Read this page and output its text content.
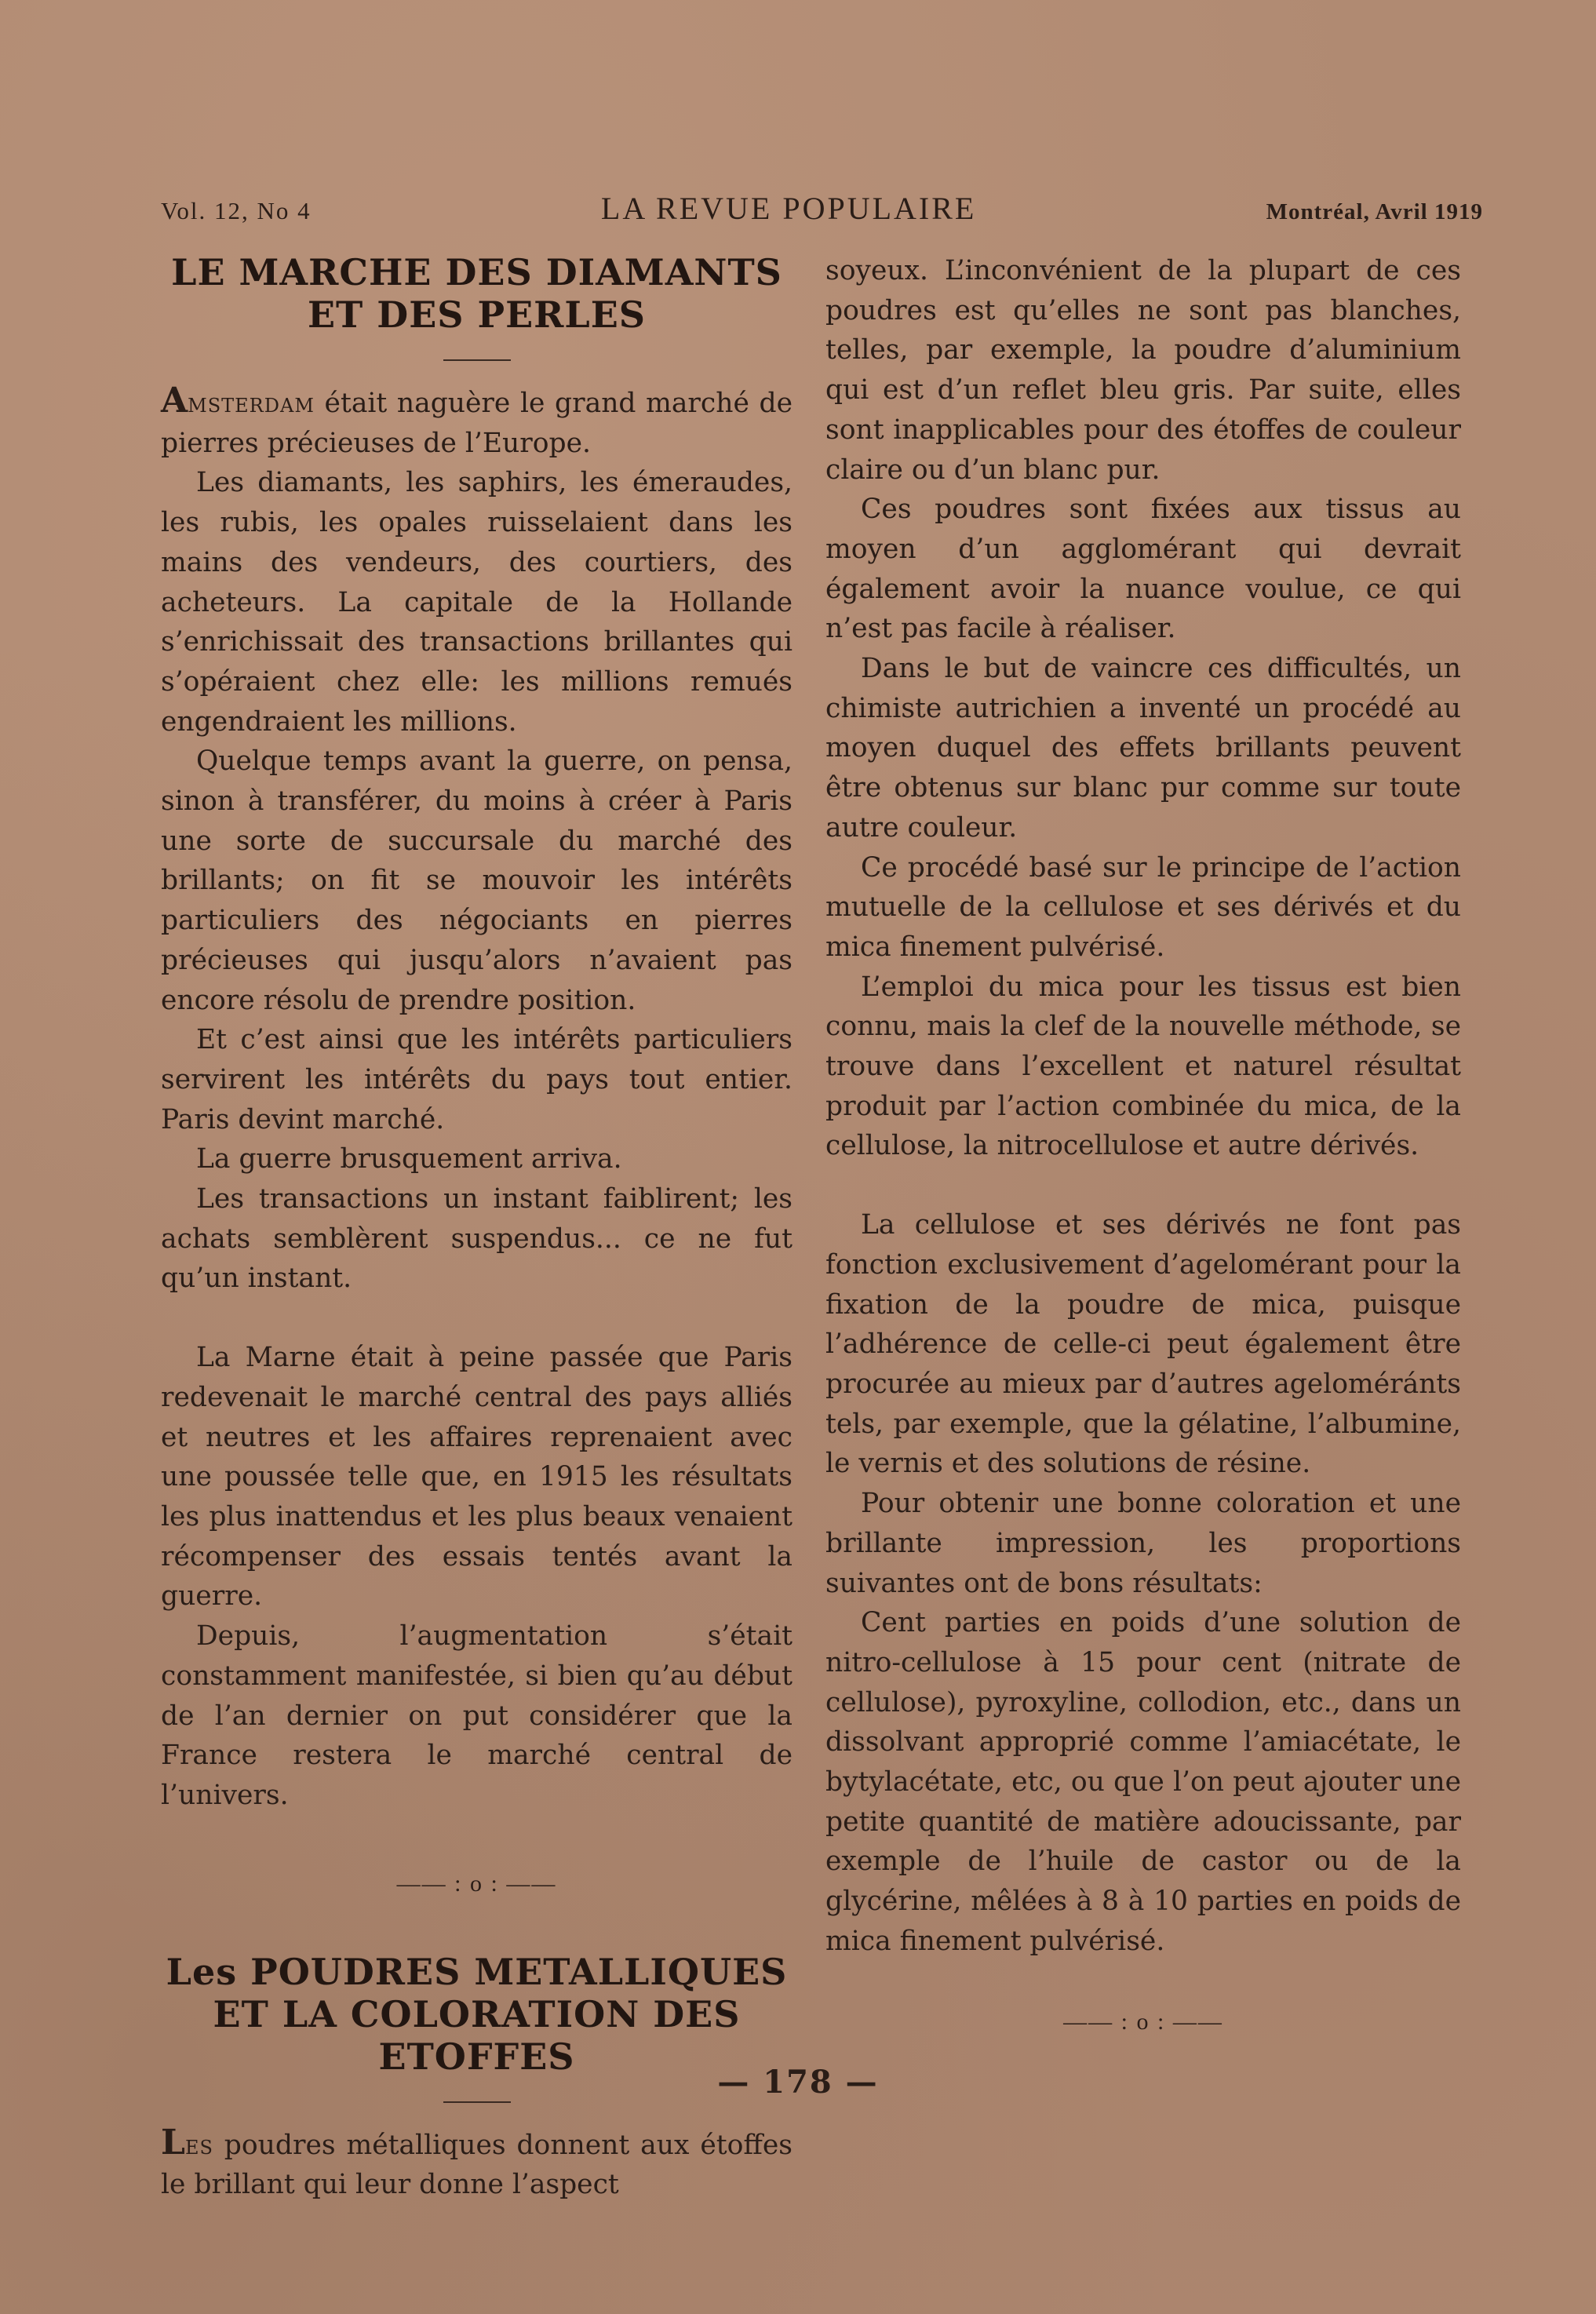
Vol. 12, No 4	LA REVUE POPULAIRE	Montréal, Avril 1919
LE MARCHE DES DIAMANTS
ET DES PERLES

Amsterdam était naguère le grand marché de pierres précieuses de l’Europe.

Les diamants, les saphirs, les émeraudes, les rubis, les opales ruisselaient dans les mains des vendeurs, des courtiers, des acheteurs. La capitale de la Hollande s’enrichissait des transactions brillantes qui s’opéraient chez elle: les millions remués engendraient les millions.

Quelque temps avant la guerre, on pensa, sinon à transférer, du moins à créer à Paris une sorte de succursale du marché des brillants; on fit se mouvoir les intérêts particuliers des négociants en pierres précieuses qui jusqu’alors n’avaient pas encore résolu de prendre position.

Et c’est ainsi que les intérêts particuliers servirent les intérêts du pays tout entier. Paris devint marché.

La guerre brusquement arriva.

Les transactions un instant faiblirent; les achats semblèrent suspendus... ce ne fut qu’un instant.

La Marne était à peine passée que Paris redevenait le marché central des pays alliés et neutres et les affaires reprenaient avec une poussée telle que, en 1915 les résultats les plus inattendus et les plus beaux venaient récompenser des essais tentés avant la guerre.

Depuis, l’augmentation s’était constamment manifestée, si bien qu’au début de l’an dernier on put considérer que la France restera le marché central de l’univers.

—— : o : ——
Les POUDRES METALLIQUES
ET LA COLORATION DES
ETOFFES

Les poudres métalliques donnent aux étoffes le brillant qui leur donne l’aspect

soyeux. L’inconvénient de la plupart de ces poudres est qu’elles ne sont pas blanches, telles, par exemple, la poudre d’aluminium qui est d’un reflet bleu gris. Par suite, elles sont inapplicables pour des étoffes de couleur claire ou d’un blanc pur.

Ces poudres sont fixées aux tissus au moyen d’un agglomérant qui devrait également avoir la nuance voulue, ce qui n’est pas facile à réaliser.

Dans le but de vaincre ces difficultés, un chimiste autrichien a inventé un procédé au moyen duquel des effets brillants peuvent être obtenus sur blanc pur comme sur toute autre couleur.

Ce procédé basé sur le principe de l’action mutuelle de la cellulose et ses dérivés et du mica finement pulvérisé.

L’emploi du mica pour les tissus est bien connu, mais la clef de la nouvelle méthode, se trouve dans l’excellent et naturel résultat produit par l’action combinée du mica, de la cellulose, la nitrocellulose et autre dérivés.

La cellulose et ses dérivés ne font pas fonction exclusivement d’agelomérant pour la fixation de la poudre de mica, puisque l’adhérence de celle-ci peut également être procurée au mieux par d’autres ageloméránts tels, par exemple, que la gélatine, l’albumine, le vernis et des solutions de résine.

Pour obtenir une bonne coloration et une brillante impression, les proportions suivantes ont de bons résultats:

Cent parties en poids d’une solution de nitro-cellulose à 15 pour cent (nitrate de cellulose), pyroxyline, collodion, etc., dans un dissolvant approprié comme l’amiacétate, le bytylacétate, etc, ou que l’on peut ajouter une petite quantité de matière adoucissante, par exemple de l’huile de castor ou de la glycérine, mêlées à 8 à 10 parties en poids de mica finement pulvérisé.

—— : o : ——
— 178 —
